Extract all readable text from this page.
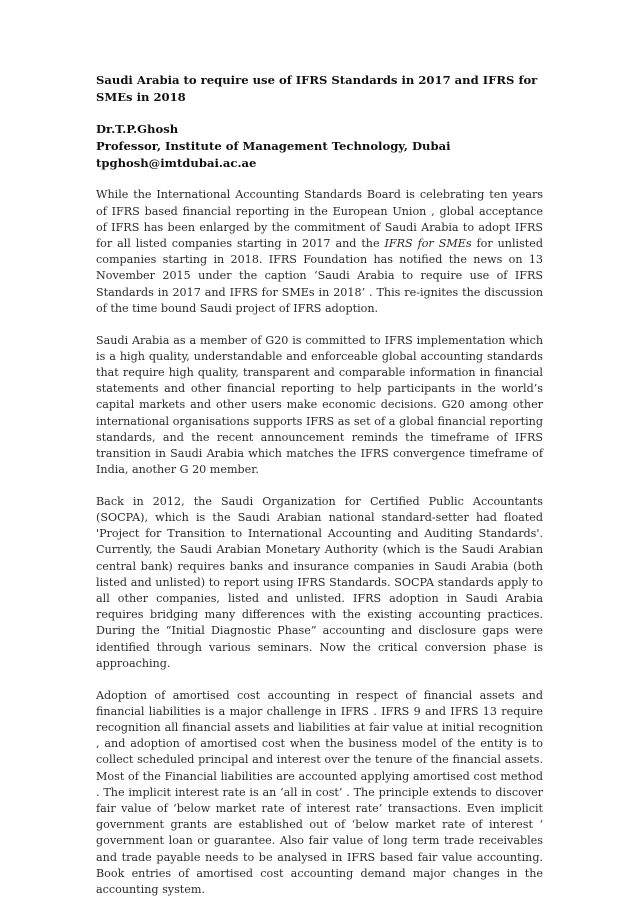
Saudi Arabia to require use of IFRS Standards in 2017 and IFRS for SMEs in 2018
Dr.T.P.Ghosh
Professor, Institute of Management Technology, Dubai
tpghosh@imtdubai.ac.ae

While the International Accounting Standards Board is celebrating ten years of IFRS based financial reporting in the European Union , global acceptance of IFRS has been enlarged by the commitment of Saudi Arabia to adopt IFRS for all listed companies starting in 2017 and the IFRS for SMEs for unlisted companies starting in 2018. IFRS Foundation has notified the news on 13 November 2015 under the caption ‘Saudi Arabia to require use of IFRS Standards in 2017 and IFRS for SMEs in 2018’ . This re-ignites the discussion of the time bound Saudi project of IFRS adoption.

Saudi Arabia as a member of G20 is committed to IFRS implementation which is a high quality, understandable and enforceable global accounting standards that require high quality, transparent and comparable information in financial statements and other financial reporting to help participants in the world’s capital markets and other users make economic decisions. G20 among other international organisations supports IFRS as set of a global financial reporting standards, and the recent announcement reminds the timeframe of IFRS transition in Saudi Arabia which matches the IFRS convergence timeframe of India, another G 20 member.

Back in 2012, the Saudi Organization for Certified Public Accountants (SOCPA), which is the Saudi Arabian national standard-setter had floated 'Project for Transition to International Accounting and Auditing Standards'. Currently, the Saudi Arabian Monetary Authority (which is the Saudi Arabian central bank) requires banks and insurance companies in Saudi Arabia (both listed and unlisted) to report using IFRS Standards. SOCPA standards apply to all other companies, listed and unlisted. IFRS adoption in Saudi Arabia requires bridging many differences with the existing accounting practices. During the “Initial Diagnostic Phase” accounting and disclosure gaps were identified through various seminars. Now the critical conversion phase is approaching.

Adoption of amortised cost accounting in respect of financial assets and financial liabilities is a major challenge in IFRS . IFRS 9 and IFRS 13 require recognition all financial assets and liabilities at fair value at initial recognition , and adoption of amortised cost when the business model of the entity is to collect scheduled principal and interest over the tenure of the financial assets. Most of the Financial liabilities are accounted applying amortised cost method . The implicit interest rate is an ‘all in cost’ . The principle extends to discover fair value of ‘below market rate of interest rate’ transactions. Even implicit government grants are established out of ‘below market rate of interest ‘ government loan or guarantee. Also fair value of long term trade receivables and trade payable needs to be analysed in IFRS based fair value accounting. Book entries of amortised cost accounting demand major changes in the accounting system.
